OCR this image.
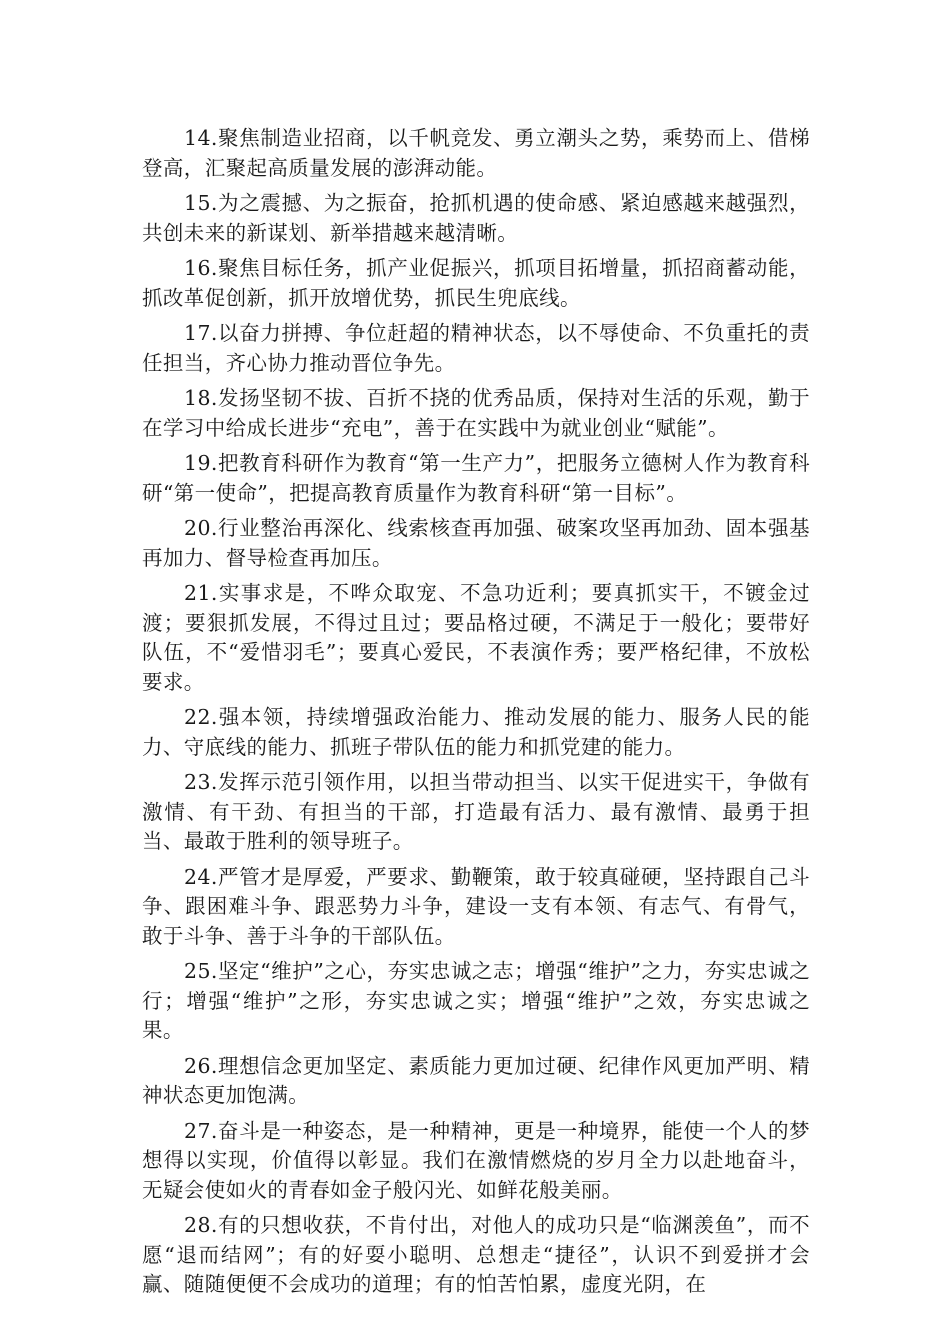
14.聚焦制造业招商，以千帆竞发、勇立潮头之势，乘势而上、借梯登高，汇聚起高质量发展的澎湃动能。

15.为之震撼、为之振奋，抢抓机遇的使命感、紧迫感越来越强烈，共创未来的新谋划、新举措越来越清晰。

16.聚焦目标任务，抓产业促振兴，抓项目拓增量，抓招商蓄动能，抓改革促创新，抓开放增优势，抓民生兜底线。

17.以奋力拼搏、争位赶超的精神状态，以不辱使命、不负重托的责任担当，齐心协力推动晋位争先。

18.发扬坚韧不拔、百折不挠的优秀品质，保持对生活的乐观，勤于在学习中给成长进步“充电”，善于在实践中为就业创业“赋能”。

19.把教育科研作为教育“第一生产力”，把服务立德树人作为教育科研“第一使命”，把提高教育质量作为教育科研“第一目标”。

20.行业整治再深化、线索核查再加强、破案攻坚再加劲、固本强基再加力、督导检查再加压。

21.实事求是，不哗众取宠、不急功近利；要真抓实干，不镀金过渡；要狠抓发展，不得过且过；要品格过硬，不满足于一般化；要带好队伍，不“爱惜羽毛”；要真心爱民，不表演作秀；要严格纪律，不放松要求。

22.强本领，持续增强政治能力、推动发展的能力、服务人民的能力、守底线的能力、抓班子带队伍的能力和抓党建的能力。

23.发挥示范引领作用，以担当带动担当、以实干促进实干，争做有激情、有干劲、有担当的干部，打造最有活力、最有激情、最勇于担当、最敢于胜利的领导班子。

24.严管才是厚爱，严要求、勤鞭策，敢于较真碰硬，坚持跟自己斗争、跟困难斗争、跟恶势力斗争，建设一支有本领、有志气、有骨气，敢于斗争、善于斗争的干部队伍。

25.坚定“维护”之心，夯实忠诚之志；增强“维护”之力，夯实忠诚之行；增强“维护”之形，夯实忠诚之实；增强“维护”之效，夯实忠诚之果。

26.理想信念更加坚定、素质能力更加过硬、纪律作风更加严明、精神状态更加饱满。

27.奋斗是一种姿态，是一种精神，更是一种境界，能使一个人的梦想得以实现，价值得以彰显。我们在激情燃烧的岁月全力以赴地奋斗，无疑会使如火的青春如金子般闪光、如鲜花般美丽。

28.有的只想收获，不肯付出，对他人的成功只是“临渊羡鱼”，而不愿“退而结网”；有的好耍小聪明、总想走“捷径”，认识不到爱拼才会赢、随随便便不会成功的道理；有的怕苦怕累，虚度光阴，在
